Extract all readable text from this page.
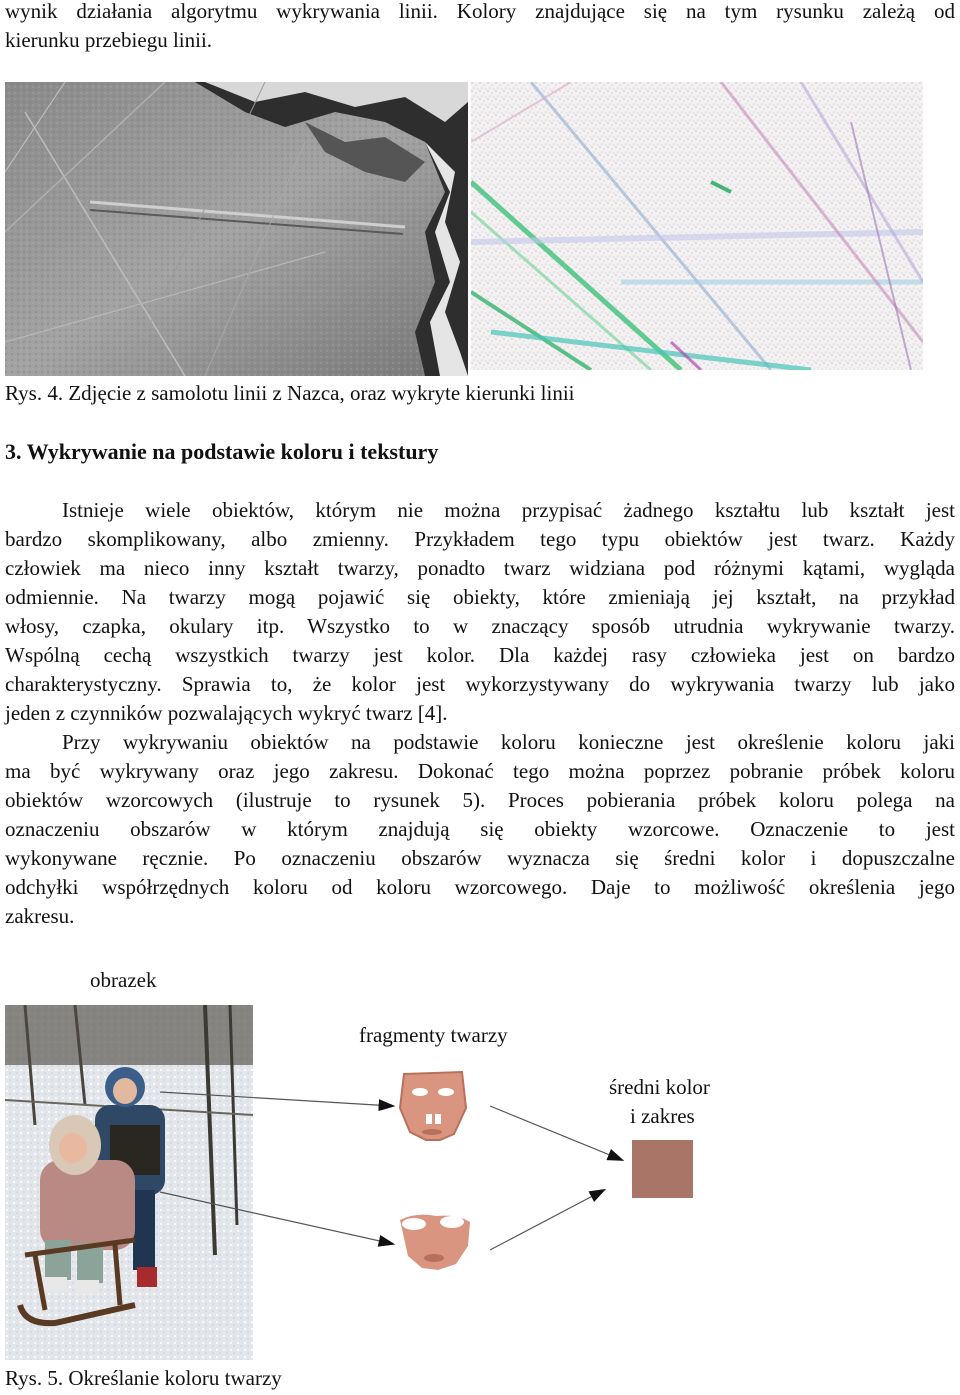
wynik działania algorytmu wykrywania linii. Kolory znajdujące się na tym rysunku zależą od
kierunku przebiegu linii.
Rys. 4. Zdjęcie z samolotu linii z Nazca, oraz wykryte kierunki linii
3. Wykrywanie na podstawie koloru i tekstury
Istnieje wiele obiektów, którym nie można przypisać żadnego kształtu lub kształt jest
bardzo skomplikowany, albo zmienny. Przykładem tego typu obiektów jest twarz. Każdy
człowiek ma nieco inny kształt twarzy, ponadto twarz widziana pod różnymi kątami, wygląda
odmiennie. Na twarzy mogą pojawić się obiekty, które zmieniają jej kształt, na przykład
włosy, czapka, okulary itp. Wszystko to w znaczący sposób utrudnia wykrywanie twarzy.
Wspólną cechą wszystkich twarzy jest kolor. Dla każdej rasy człowieka jest on bardzo
charakterystyczny. Sprawia to, że kolor jest wykorzystywany do wykrywania twarzy lub jako
jeden z czynników pozwalających wykryć twarz [4].
Przy wykrywaniu obiektów na podstawie koloru konieczne jest określenie koloru jaki
ma być wykrywany oraz jego zakresu. Dokonać tego można poprzez pobranie próbek koloru
obiektów wzorcowych (ilustruje to rysunek 5). Proces pobierania próbek koloru polega na
oznaczeniu obszarów w którym znajdują się obiekty wzorcowe. Oznaczenie to jest
wykonywane ręcznie. Po oznaczeniu obszarów wyznacza się średni kolor i dopuszczalne
odchyłki współrzędnych koloru od koloru wzorcowego. Daje to możliwość określenia jego
zakresu.
obrazek
fragmenty twarzy
średni kolor
i zakres
Rys. 5. Określanie koloru twarzy
